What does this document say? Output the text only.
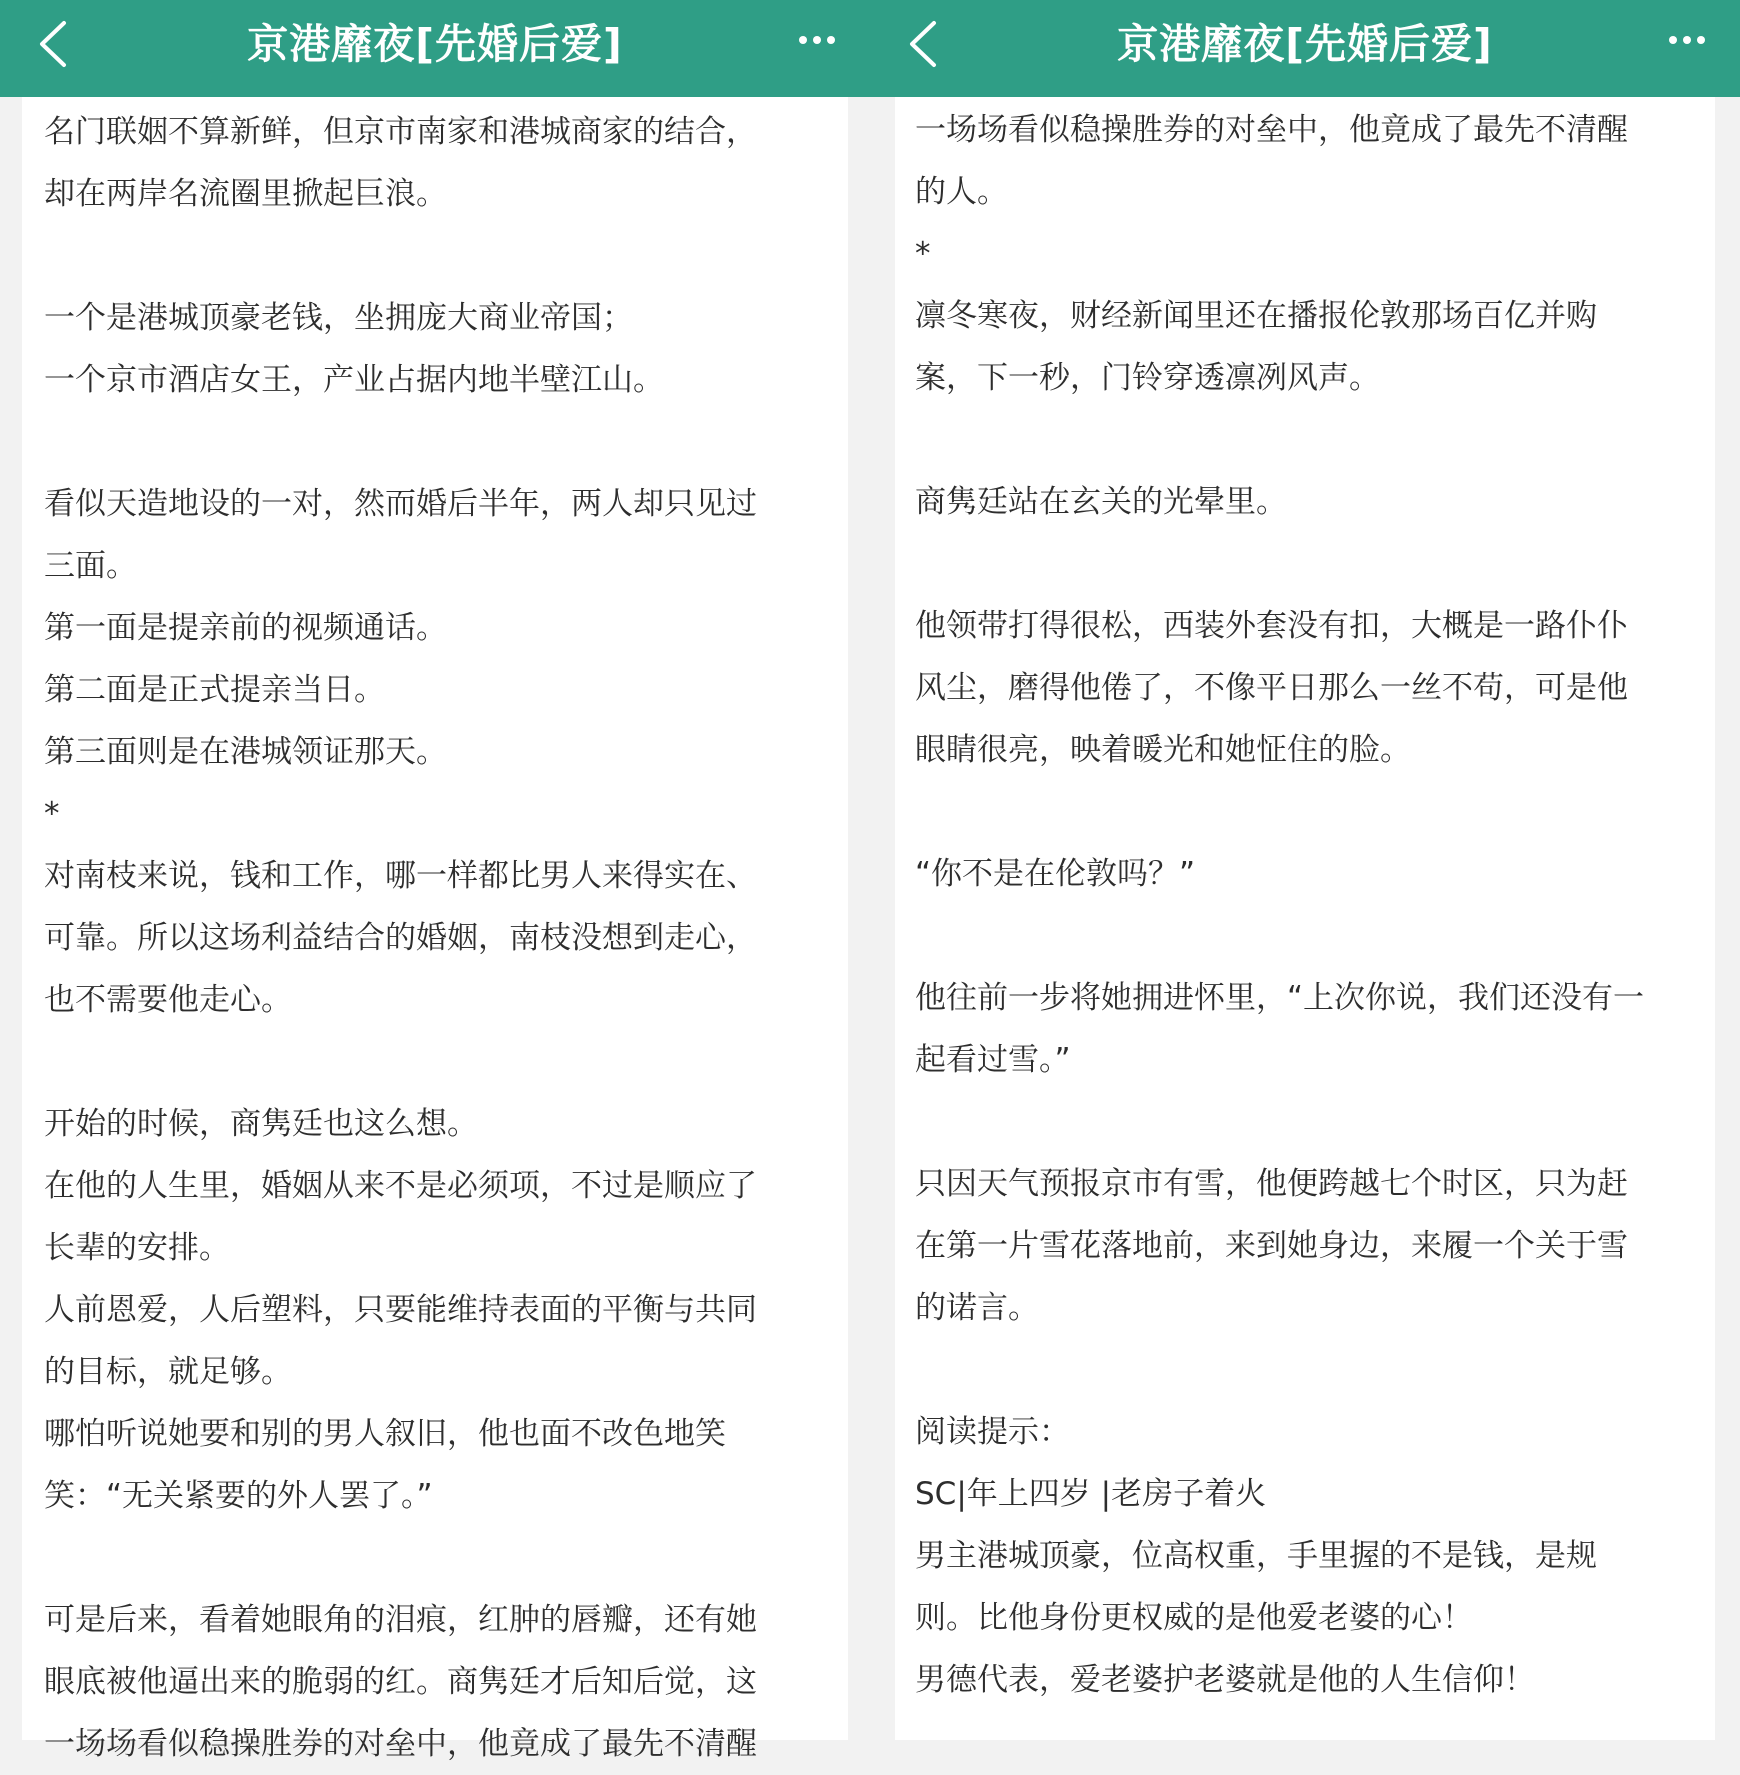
名门联姻不算新鲜，但京市南家和港城商家的结合，
却在两岸名流圈里掀起巨浪。
一个是港城顶豪老钱，坐拥庞大商业帝国；
一个京市酒店女王，产业占据内地半壁江山。
看似天造地设的一对，然而婚后半年，两人却只见过
三面。
第一面是提亲前的视频通话。
第二面是正式提亲当日。
第三面则是在港城领证那天。
*
对南枝来说，钱和工作，哪一样都比男人来得实在、
可靠。所以这场利益结合的婚姻，南枝没想到走心，
也不需要他走心。
开始的时候，商隽廷也这么想。
在他的人生里，婚姻从来不是必须项，不过是顺应了
长辈的安排。
人前恩爱，人后塑料，只要能维持表面的平衡与共同
的目标，就足够。
哪怕听说她要和别的男人叙旧，他也面不改色地笑
笑：“无关紧要的外人罢了。”
可是后来，看着她眼角的泪痕，红肿的唇瓣，还有她
眼底被他逼出来的脆弱的红。商隽廷才后知后觉，这
一场场看似稳操胜券的对垒中，他竟成了最先不清醒
京港靡夜[先婚后爱]
一场场看似稳操胜券的对垒中，他竟成了最先不清醒
的人。
*
凛冬寒夜，财经新闻里还在播报伦敦那场百亿并购
案，下一秒，门铃穿透凛冽风声。
商隽廷站在玄关的光晕里。
他领带打得很松，西装外套没有扣，大概是一路仆仆
风尘，磨得他倦了，不像平日那么一丝不苟，可是他
眼睛很亮，映着暖光和她怔住的脸。
“你不是在伦敦吗？”
他往前一步将她拥进怀里，“上次你说，我们还没有一
起看过雪。”
只因天气预报京市有雪，他便跨越七个时区，只为赶
在第一片雪花落地前，来到她身边，来履一个关于雪
的诺言。
阅读提示：
SC|年上四岁 |老房子着火
男主港城顶豪，位高权重，手里握的不是钱，是规
则。比他身份更权威的是他爱老婆的心！
男德代表，爱老婆护老婆就是他的人生信仰！
京港靡夜[先婚后爱]
